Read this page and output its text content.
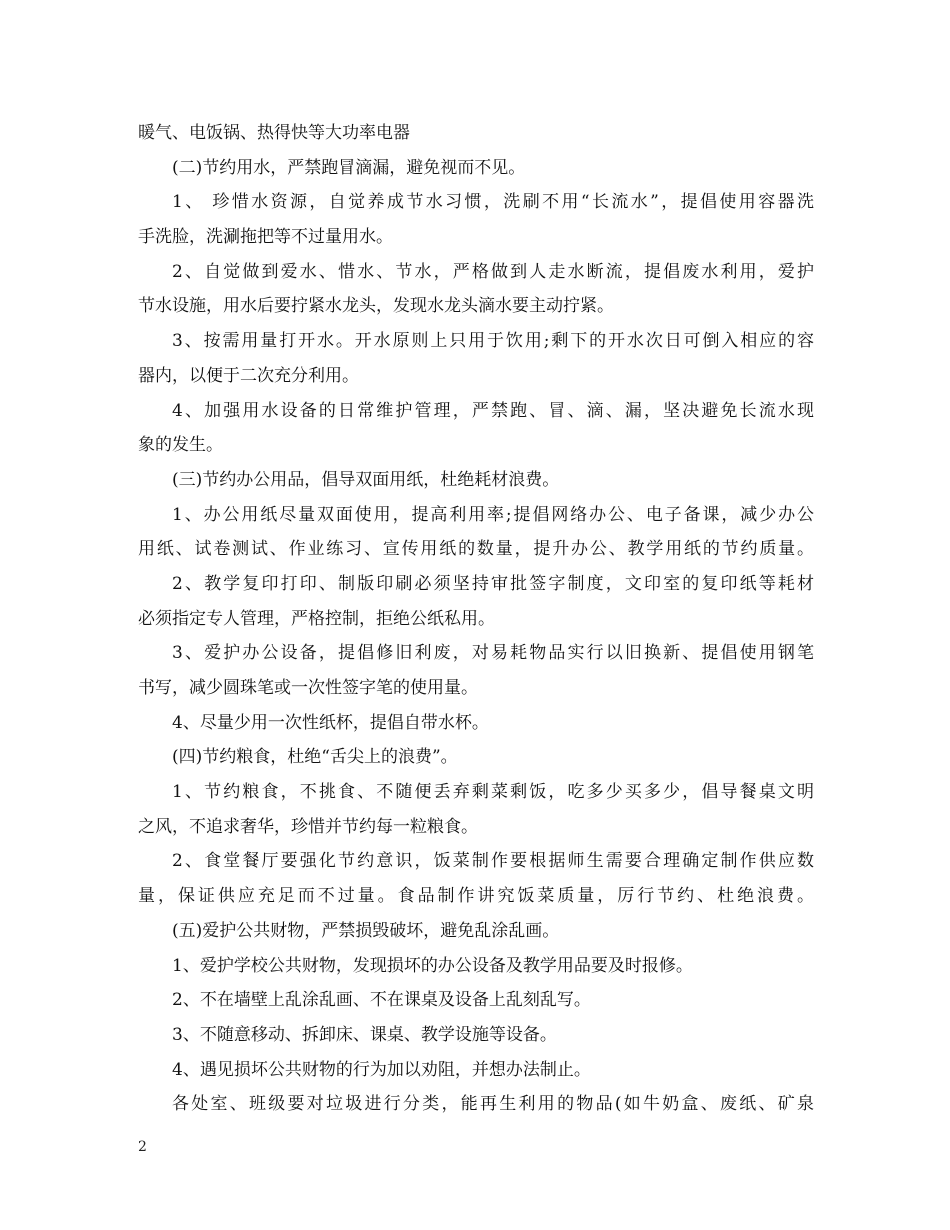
暖气、电饭锅、热得快等大功率电器
(二)节约用水，严禁跑冒滴漏，避免视而不见。
1、 珍惜水资源，自觉养成节水习惯，洗刷不用“长流水”，提倡使用容器洗
手洗脸，洗涮拖把等不过量用水。
2、自觉做到爱水、惜水、节水，严格做到人走水断流，提倡废水利用，爱护
节水设施，用水后要拧紧水龙头，发现水龙头滴水要主动拧紧。
3、按需用量打开水。开水原则上只用于饮用;剩下的开水次日可倒入相应的容
器内，以便于二次充分利用。
4、加强用水设备的日常维护管理，严禁跑、冒、滴、漏，坚决避免长流水现
象的发生。
(三)节约办公用品，倡导双面用纸，杜绝耗材浪费。
1、办公用纸尽量双面使用，提高利用率;提倡网络办公、电子备课，减少办公
用纸、试卷测试、作业练习、宣传用纸的数量，提升办公、教学用纸的节约质量。
2、教学复印打印、制版印刷必须坚持审批签字制度，文印室的复印纸等耗材
必须指定专人管理，严格控制，拒绝公纸私用。
3、爱护办公设备，提倡修旧利废，对易耗物品实行以旧换新、提倡使用钢笔
书写，减少圆珠笔或一次性签字笔的使用量。
4、尽量少用一次性纸杯，提倡自带水杯。
(四)节约粮食，杜绝“舌尖上的浪费”。
1、节约粮食，不挑食、不随便丢弃剩菜剩饭，吃多少买多少，倡导餐桌文明
之风，不追求奢华，珍惜并节约每一粒粮食。
2、食堂餐厅要强化节约意识，饭菜制作要根据师生需要合理确定制作供应数
量，保证供应充足而不过量。食品制作讲究饭菜质量，厉行节约、杜绝浪费。
(五)爱护公共财物，严禁损毁破坏，避免乱涂乱画。
1、爱护学校公共财物，发现损坏的办公设备及教学用品要及时报修。
2、不在墙壁上乱涂乱画、不在课桌及设备上乱刻乱写。
3、不随意移动、拆卸床、课桌、教学设施等设备。
4、遇见损坏公共财物的行为加以劝阻，并想办法制止。
各处室、班级要对垃圾进行分类，能再生利用的物品(如牛奶盒、废纸、矿泉
2
